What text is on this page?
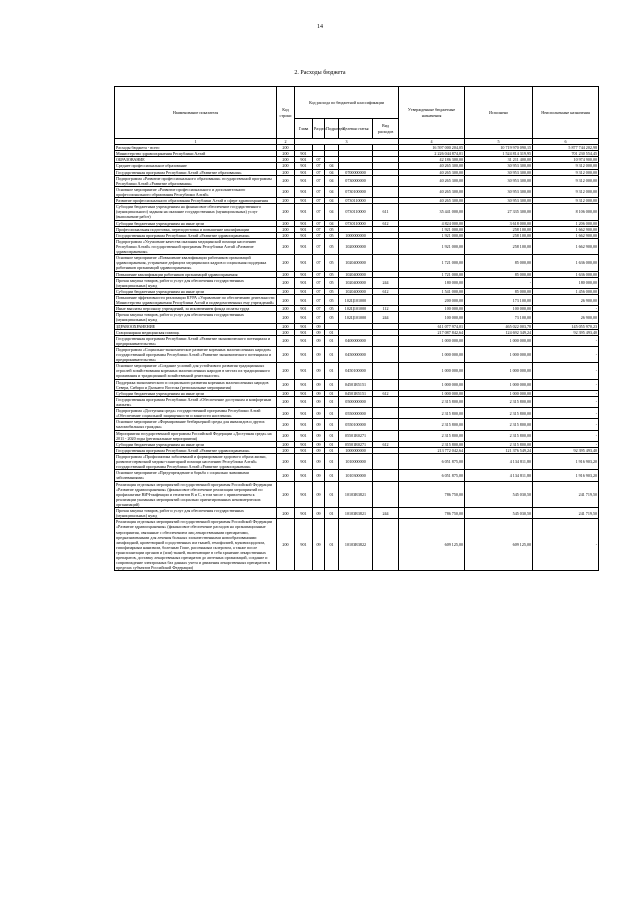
14
2. Расходы бюджета
Наименование показателя	Код строки	Код расхода по бюджетной классификации					Утвержденные бюджетные назначения	Исполнено	Неисполненные назначения
		Глава	Раздел	Подраздел	Целевая статья	Вид расходов			
1	2	3					4	5	6
Расходы бюджета - всего	200						16 597 000 204,05	10 719 970 090,15	5 877 744 202,98
Министерство здравоохранения Республики Алтай	200	901					2 226 044 874,01	1 524 814 319,95	701 230 554,45
ОБРАЗОВАНИЕ	200	901	07				42 186 300,00	31 211 400,00	10 974 900,00
Среднее профессиональное образование	200	901	07	04			40 265 300,00	30 953 300,00	9 312 000,00
Государственная программа Республики Алтай «Развитие образования»	200	901	07	04	0700000000		40 265 300,00	30 953 300,00	9 312 000,00
Подпрограмма «Развитие профессионального образования» государственной программы Республики Алтай «Развитие образования»	200	901	07	04	0730000000		40 265 300,00	30 953 300,00	9 312 000,00
Основное мероприятие «Развитие профессионального и дополнительного профессионального образования Республики Алтай»	200	901	07	04	0730100000		40 265 300,00	30 953 300,00	9 312 000,00
Развитие профессионального образования Республики Алтай в сфере здравоохранения	200	901	07	04	0730110000		40 265 300,00	30 953 300,00	9 312 000,00
Субсидии бюджетным учреждениям на финансовое обеспечение государственного (муниципального) задания на оказание государственных (муниципальных) услуг (выполнение работ)	200	901	07	04	0730110000	611	35 441 000,00	27 335 300,00	8 106 000,00
Субсидии бюджетным учреждениям на иные цели	200	901	07	04	0730110000	612	4 824 000,00	3 618 000,00	1 206 000,00
Профессиональная подготовка, переподготовка и повышение квалификации	200	901	07	05			1 921 000,00	258 100,00	1 662 900,00
Государственная программа Республики Алтай «Развитие здравоохранения»	200	901	07	05	1000000000		1 921 000,00	258 100,00	1 662 900,00
Подпрограмма «Улучшение качества оказания медицинской помощи населению Республики Алтай» государственной программы Республики Алтай «Развитие здравоохранения»	200	901	07	05	1020000000		1 921 000,00	258 100,00	1 662 900,00
Основное мероприятие «Повышение квалификации работников организаций здравоохранения, устранение дефицита медицинских кадров и социальная поддержка работников организаций здравоохранения»	200	901	07	05	1020400000		1 721 000,00	85 000,00	1 636 000,00
Повышение квалификации работников организаций здравоохранения	200	901	07	05	1020400000		1 721 000,00	85 000,00	1 636 000,00
Прочая закупка товаров, работ и услуг для обеспечения государственных (муниципальных) нужд	200	901	07	05	1020400000	244	180 000,00	-	180 000,00
Субсидии бюджетным учреждениям на иные цели	200	901	07	05	1020400000	612	1 541 000,00	85 000,00	1 456 000,00
Повышение эффективности реализации КУРА «Управление по обеспечению деятельности Министерства здравоохранения Республики Алтай и подведомственных ему учреждений»	200	901	07	05	102Ц101000		200 000,00	173 100,00	26 900,00
Иные выплаты персоналу учреждений, за исключением фонда оплаты труда	200	901	07	05	102Ц101000	112	100 000,00	100 000,00	-
Прочая закупка товаров, работ и услуг для обеспечения государственных (муниципальных) нужд	200	901	07	05	102Ц101000	244	100 000,00	73 100,00	26 900,00
ЗДРАВООХРАНЕНИЕ	200	901	09				611 077 974,01	465 022 003,78	145 055 970,23
Стационарная медицинская помощь	200	901	09	01			217 087 842,64	124 692 349,24	92 395 493,40
Государственная программа Республики Алтай «Развитие экономического потенциала и предпринимательства»	200	901	09	01	0400000000		1 000 000,00	1 000 000,00	-
Подпрограмма «Социально-экономическое развитие коренных малочисленных народов» государственной программы Республики Алтай «Развитие экономического потенциала и предпринимательства»	200	901	09	01	0450000000		1 000 000,00	1 000 000,00	-
Основное мероприятие «Создание условий для устойчивого развития традиционных отраслей хозяйствования коренных малочисленных народов в местах их традиционного проживания и традиционной хозяйственной деятельности»	200	901	09	01	0450100000		1 000 000,00	1 000 000,00	-
Поддержка экономического и социального развития коренных малочисленных народов Севера, Сибири и Дальнего Востока (региональные мероприятия)	200	901	09	01	04501R5151		1 000 000,00	1 000 000,00	-
Субсидии бюджетным учреждениям на иные цели	200	901	09	01	04501R5151	612	1 000 000,00	1 000 000,00	-
Государственная программа Республики Алтай «Обеспечение доступным и комфортным жильем»	200	901	09	01	0500000000		2 315 800,00	2 315 800,00	-
Подпрограмма «Доступная среда» государственной программы Республики Алтай «Обеспечение социальной защищенности и занятости населения»	200	901	09	01	0550000000		2 315 800,00	2 315 800,00	-
Основное мероприятие «Формирование безбарьерной среды для инвалидов и других маломобильных граждан»	200	901	09	01	0550100000		2 315 800,00	2 315 800,00	-
Мероприятия государственной программы Российской Федерации «Доступная среда» на 2011 - 2020 годы (региональные мероприятия)	200	901	09	01	05501R0271		2 315 800,00	2 315 800,00	-
Субсидии бюджетным учреждениям на иные цели	200	901	09	01	05501R0271	612	2 315 800,00	2 315 800,00	-
Государственная программа Республики Алтай «Развитие здравоохранения»	200	901	09	01	1000000000		213 772 042,64	121 376 549,24	92 395 493,40
Подпрограмма «Профилактика заболеваний и формирование здорового образа жизни, развитие первичной медико-санитарной помощи населению Республики Алтай» государственной программы Республики Алтай «Развитие здравоохранения»	200	901	09	01	1010000000		6 051 875,00	4 134 811,80	1 916 903,20
Основное мероприятие «Предупреждение и борьба с социально значимыми заболеваниями»	200	901	09	01	1010300000		6 051 875,00	4 134 811,80	1 916 903,20
Реализация отдельных мероприятий государственной программы Российской Федерации «Развитие здравоохранения» (финансовое обеспечение реализации мероприятий по профилактике ВИЧ-инфекции и гепатитов B и C, в том числе с привлечением к реализации указанных мероприятий социально ориентированных некоммерческих организаций)	200	901	09	01	10103R3821		786 750,00	545 030,50	241 719,50
Прочая закупка товаров, работ и услуг для обеспечения государственных (муниципальных) нужд	200	901	09	01	10103R3821	244	786 750,00	545 030,50	241 719,50
Реализация отдельных мероприятий государственной программы Российской Федерации «Развитие здравоохранения» (финансовое обеспечение расходов на организационные мероприятия, связанные с обеспечением лиц лекарственными препаратами, предназначенными для лечения больных злокачественными новообразованиями лимфоидной, кроветворной и родственных им тканей, гемофилией, муковисцидозом, гипофизарным нанизмом, болезнью Гоше, рассеянным склерозом, а также после трансплантации органов и (или) тканей, включающие в себя хранение лекарственных препаратов, доставку лекарственных препаратов до аптечных организаций, создание и сопровождение электронных баз данных учета и движения лекарственных препаратов в пределах субъектов Российской Федерации)	200	901	09	01	10103R3822		609 125,00	609 125,00	-
